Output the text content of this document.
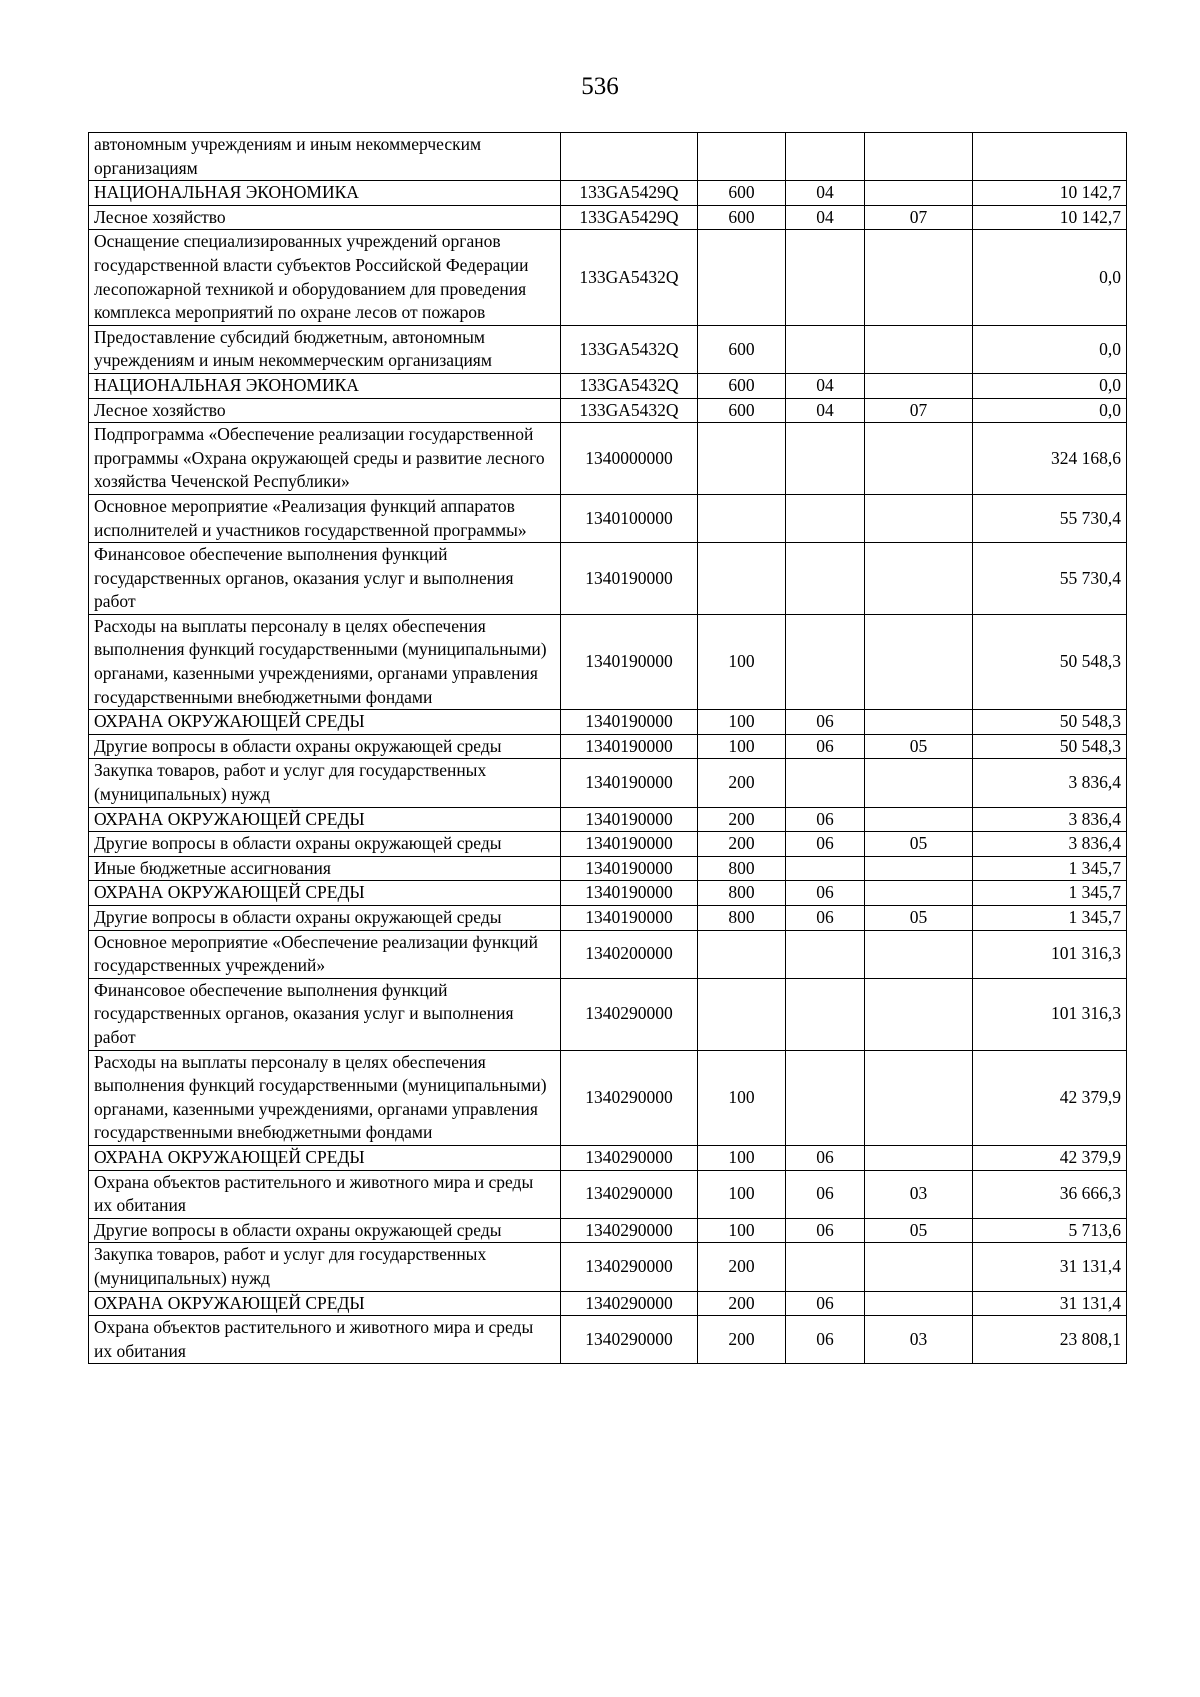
536
автономным учреждениям и иным некоммерческим организациям					
НАЦИОНАЛЬНАЯ ЭКОНОМИКА	133GA5429Q	600	04		10 142,7
Лесное хозяйство	133GA5429Q	600	04	07	10 142,7
Оснащение специализированных учреждений органов государственной власти субъектов Российской Федерации лесопожарной техникой и оборудованием для проведения комплекса мероприятий по охране лесов от пожаров	133GA5432Q				0,0
Предоставление субсидий бюджетным, автономным учреждениям и иным некоммерческим организациям	133GA5432Q	600			0,0
НАЦИОНАЛЬНАЯ ЭКОНОМИКА	133GA5432Q	600	04		0,0
Лесное хозяйство	133GA5432Q	600	04	07	0,0
Подпрограмма «Обеспечение реализации государственной программы «Охрана окружающей среды и развитие лесного хозяйства Чеченской Республики»	1340000000				324 168,6
Основное мероприятие «Реализация функций аппаратов исполнителей и участников государственной программы»	1340100000				55 730,4
Финансовое обеспечение выполнения функций государственных органов, оказания услуг и выполнения работ	1340190000				55 730,4
Расходы на выплаты персоналу в целях обеспечения выполнения функций государственными (муниципальными) органами, казенными учреждениями, органами управления государственными внебюджетными фондами	1340190000	100			50 548,3
ОХРАНА ОКРУЖАЮЩЕЙ СРЕДЫ	1340190000	100	06		50 548,3
Другие вопросы в области охраны окружающей среды	1340190000	100	06	05	50 548,3
Закупка товаров, работ и услуг для государственных (муниципальных) нужд	1340190000	200			3 836,4
ОХРАНА ОКРУЖАЮЩЕЙ СРЕДЫ	1340190000	200	06		3 836,4
Другие вопросы в области охраны окружающей среды	1340190000	200	06	05	3 836,4
Иные бюджетные ассигнования	1340190000	800			1 345,7
ОХРАНА ОКРУЖАЮЩЕЙ СРЕДЫ	1340190000	800	06		1 345,7
Другие вопросы в области охраны окружающей среды	1340190000	800	06	05	1 345,7
Основное мероприятие «Обеспечение реализации функций государственных учреждений»	1340200000				101 316,3
Финансовое обеспечение выполнения функций государственных органов, оказания услуг и выполнения работ	1340290000				101 316,3
Расходы на выплаты персоналу в целях обеспечения выполнения функций государственными (муниципальными) органами, казенными учреждениями, органами управления государственными внебюджетными фондами	1340290000	100			42 379,9
ОХРАНА ОКРУЖАЮЩЕЙ СРЕДЫ	1340290000	100	06		42 379,9
Охрана объектов растительного и животного мира и среды их обитания	1340290000	100	06	03	36 666,3
Другие вопросы в области охраны окружающей среды	1340290000	100	06	05	5 713,6
Закупка товаров, работ и услуг для государственных (муниципальных) нужд	1340290000	200			31 131,4
ОХРАНА ОКРУЖАЮЩЕЙ СРЕДЫ	1340290000	200	06		31 131,4
Охрана объектов растительного и животного мира и среды их обитания	1340290000	200	06	03	23 808,1
